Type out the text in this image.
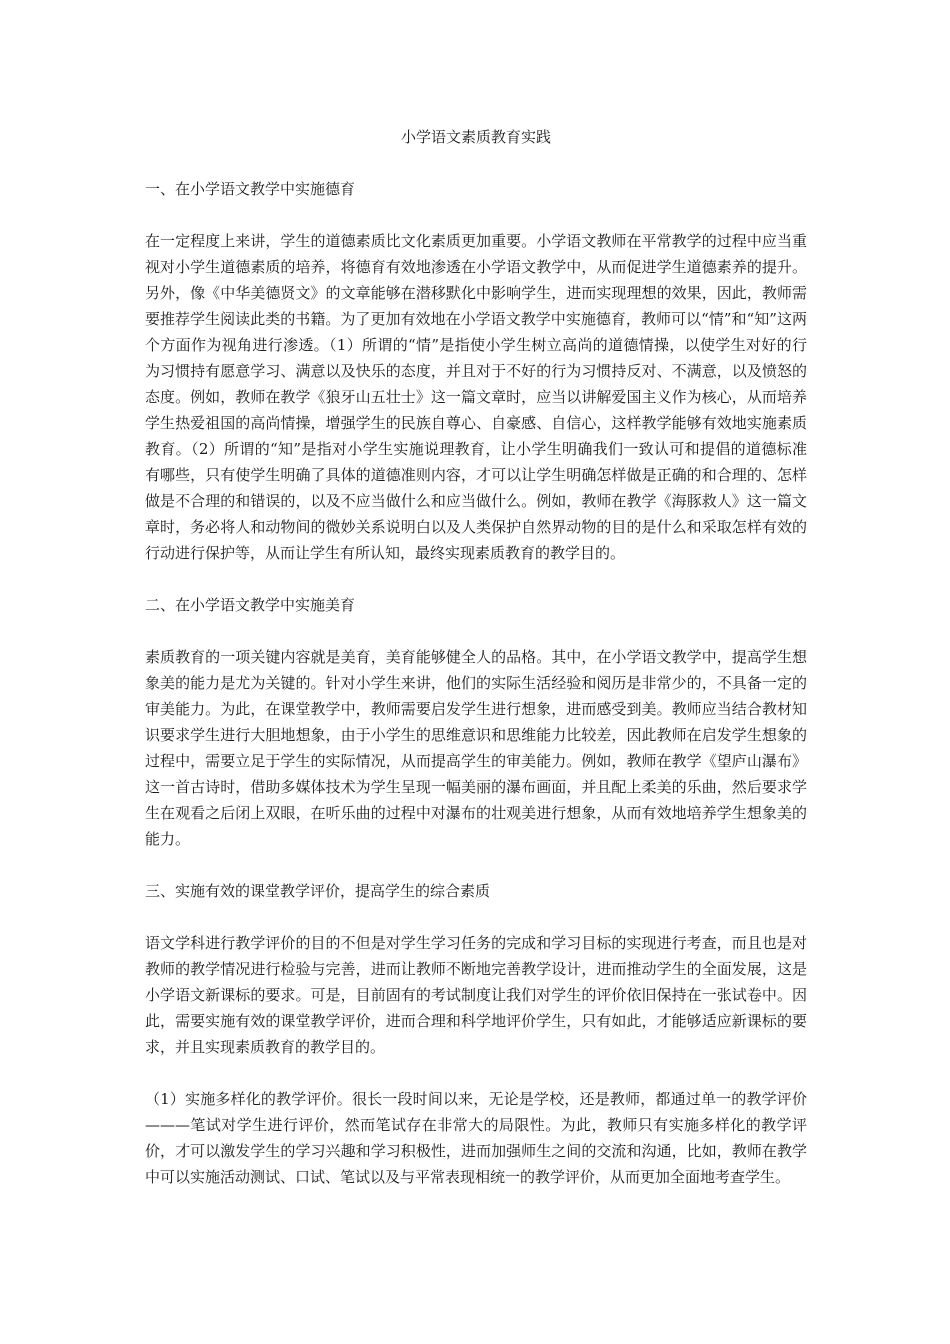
小学语文素质教育实践
一、在小学语文教学中实施德育

在一定程度上来讲，学生的道德素质比文化素质更加重要。小学语文教师在平常教学的过程中应当重视对小学生道德素质的培养，将德育有效地渗透在小学语文教学中，从而促进学生道德素养的提升。另外，像《中华美德贤文》的文章能够在潜移默化中影响学生，进而实现理想的效果，因此，教师需要推荐学生阅读此类的书籍。为了更加有效地在小学语文教学中实施德育，教师可以“情”和“知”这两个方面作为视角进行渗透。（1）所谓的“情”是指使小学生树立高尚的道德情操，以使学生对好的行为习惯持有愿意学习、满意以及快乐的态度，并且对于不好的行为习惯持反对、不满意，以及愤怒的态度。例如，教师在教学《狼牙山五壮士》这一篇文章时，应当以讲解爱国主义作为核心，从而培养学生热爱祖国的高尚情操，增强学生的民族自尊心、自豪感、自信心，这样教学能够有效地实施素质教育。（2）所谓的“知”是指对小学生实施说理教育，让小学生明确我们一致认可和提倡的道德标准有哪些，只有使学生明确了具体的道德准则内容，才可以让学生明确怎样做是正确的和合理的、怎样做是不合理的和错误的，以及不应当做什么和应当做什么。例如，教师在教学《海豚救人》这一篇文章时，务必将人和动物间的微妙关系说明白以及人类保护自然界动物的目的是什么和采取怎样有效的行动进行保护等，从而让学生有所认知，最终实现素质教育的教学目的。

二、在小学语文教学中实施美育

素质教育的一项关键内容就是美育，美育能够健全人的品格。其中，在小学语文教学中，提高学生想象美的能力是尤为关键的。针对小学生来讲，他们的实际生活经验和阅历是非常少的，不具备一定的审美能力。为此，在课堂教学中，教师需要启发学生进行想象，进而感受到美。教师应当结合教材知识要求学生进行大胆地想象，由于小学生的思维意识和思维能力比较差，因此教师在启发学生想象的过程中，需要立足于学生的实际情况，从而提高学生的审美能力。例如，教师在教学《望庐山瀑布》这一首古诗时，借助多媒体技术为学生呈现一幅美丽的瀑布画面，并且配上柔美的乐曲，然后要求学生在观看之后闭上双眼，在听乐曲的过程中对瀑布的壮观美进行想象，从而有效地培养学生想象美的能力。

三、实施有效的课堂教学评价，提高学生的综合素质

语文学科进行教学评价的目的不但是对学生学习任务的完成和学习目标的实现进行考查，而且也是对教师的教学情况进行检验与完善，进而让教师不断地完善教学设计，进而推动学生的全面发展，这是小学语文新课标的要求。可是，目前固有的考试制度让我们对学生的评价依旧保持在一张试卷中。因此，需要实施有效的课堂教学评价，进而合理和科学地评价学生，只有如此，才能够适应新课标的要求，并且实现素质教育的教学目的。

（1）实施多样化的教学评价。很长一段时间以来，无论是学校，还是教师，都通过单一的教学评价———笔试对学生进行评价，然而笔试存在非常大的局限性。为此，教师只有实施多样化的教学评价，才可以激发学生的学习兴趣和学习积极性，进而加强师生之间的交流和沟通，比如，教师在教学中可以实施活动测试、口试、笔试以及与平常表现相统一的教学评价，从而更加全面地考查学生。
